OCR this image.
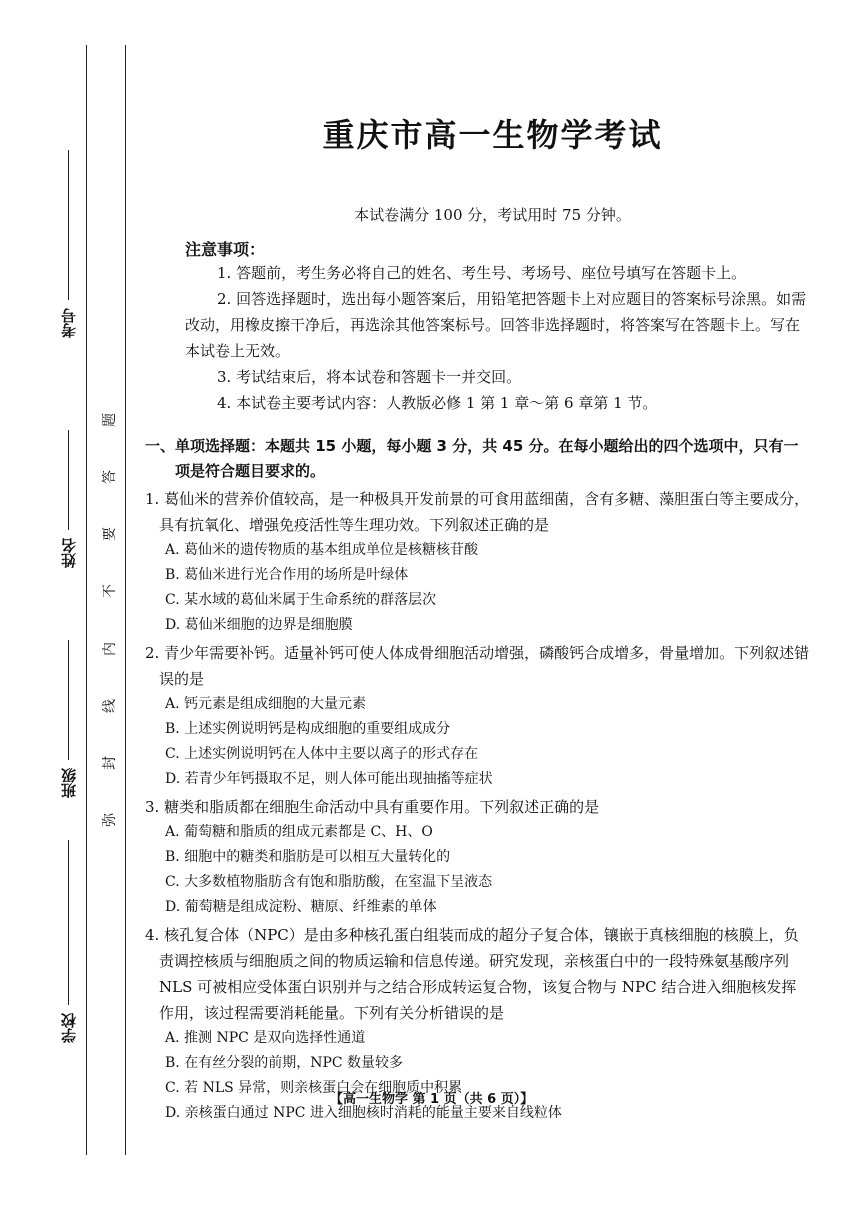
考号
姓名
班级
学校
题
答
要
不
内
线
封
弥
重庆市高一生物学考试
本试卷满分 100 分，考试用时 75 分钟。
注意事项：
1. 答题前，考生务必将自己的姓名、考生号、考场号、座位号填写在答题卡上。
2. 回答选择题时，选出每小题答案后，用铅笔把答题卡上对应题目的答案标号涂黑。如需改动，用橡皮擦干净后，再选涂其他答案标号。回答非选择题时，将答案写在答题卡上。写在本试卷上无效。
3. 考试结束后，将本试卷和答题卡一并交回。
4. 本试卷主要考试内容：人教版必修 1 第 1 章～第 6 章第 1 节。
一、单项选择题：本题共 15 小题，每小题 3 分，共 45 分。在每小题给出的四个选项中，只有一项是符合题目要求的。
1. 葛仙米的营养价值较高，是一种极具开发前景的可食用蓝细菌，含有多糖、藻胆蛋白等主要成分，具有抗氧化、增强免疫活性等生理功效。下列叙述正确的是
A. 葛仙米的遗传物质的基本组成单位是核糖核苷酸
B. 葛仙米进行光合作用的场所是叶绿体
C. 某水域的葛仙米属于生命系统的群落层次
D. 葛仙米细胞的边界是细胞膜
2. 青少年需要补钙。适量补钙可使人体成骨细胞活动增强，磷酸钙合成增多，骨量增加。下列叙述错误的是
A. 钙元素是组成细胞的大量元素
B. 上述实例说明钙是构成细胞的重要组成成分
C. 上述实例说明钙在人体中主要以离子的形式存在
D. 若青少年钙摄取不足，则人体可能出现抽搐等症状
3. 糖类和脂质都在细胞生命活动中具有重要作用。下列叙述正确的是
A. 葡萄糖和脂质的组成元素都是 C、H、O
B. 细胞中的糖类和脂肪是可以相互大量转化的
C. 大多数植物脂肪含有饱和脂肪酸，在室温下呈液态
D. 葡萄糖是组成淀粉、糖原、纤维素的单体
4. 核孔复合体（NPC）是由多种核孔蛋白组装而成的超分子复合体，镶嵌于真核细胞的核膜上，负责调控核质与细胞质之间的物质运输和信息传递。研究发现，亲核蛋白中的一段特殊氨基酸序列 NLS 可被相应受体蛋白识别并与之结合形成转运复合物，该复合物与 NPC 结合进入细胞核发挥作用，该过程需要消耗能量。下列有关分析错误的是
A. 推测 NPC 是双向选择性通道
B. 在有丝分裂的前期，NPC 数量较多
C. 若 NLS 异常，则亲核蛋白会在细胞质中积累
D. 亲核蛋白通过 NPC 进入细胞核时消耗的能量主要来自线粒体
【高一生物学 第 1 页（共 6 页）】
